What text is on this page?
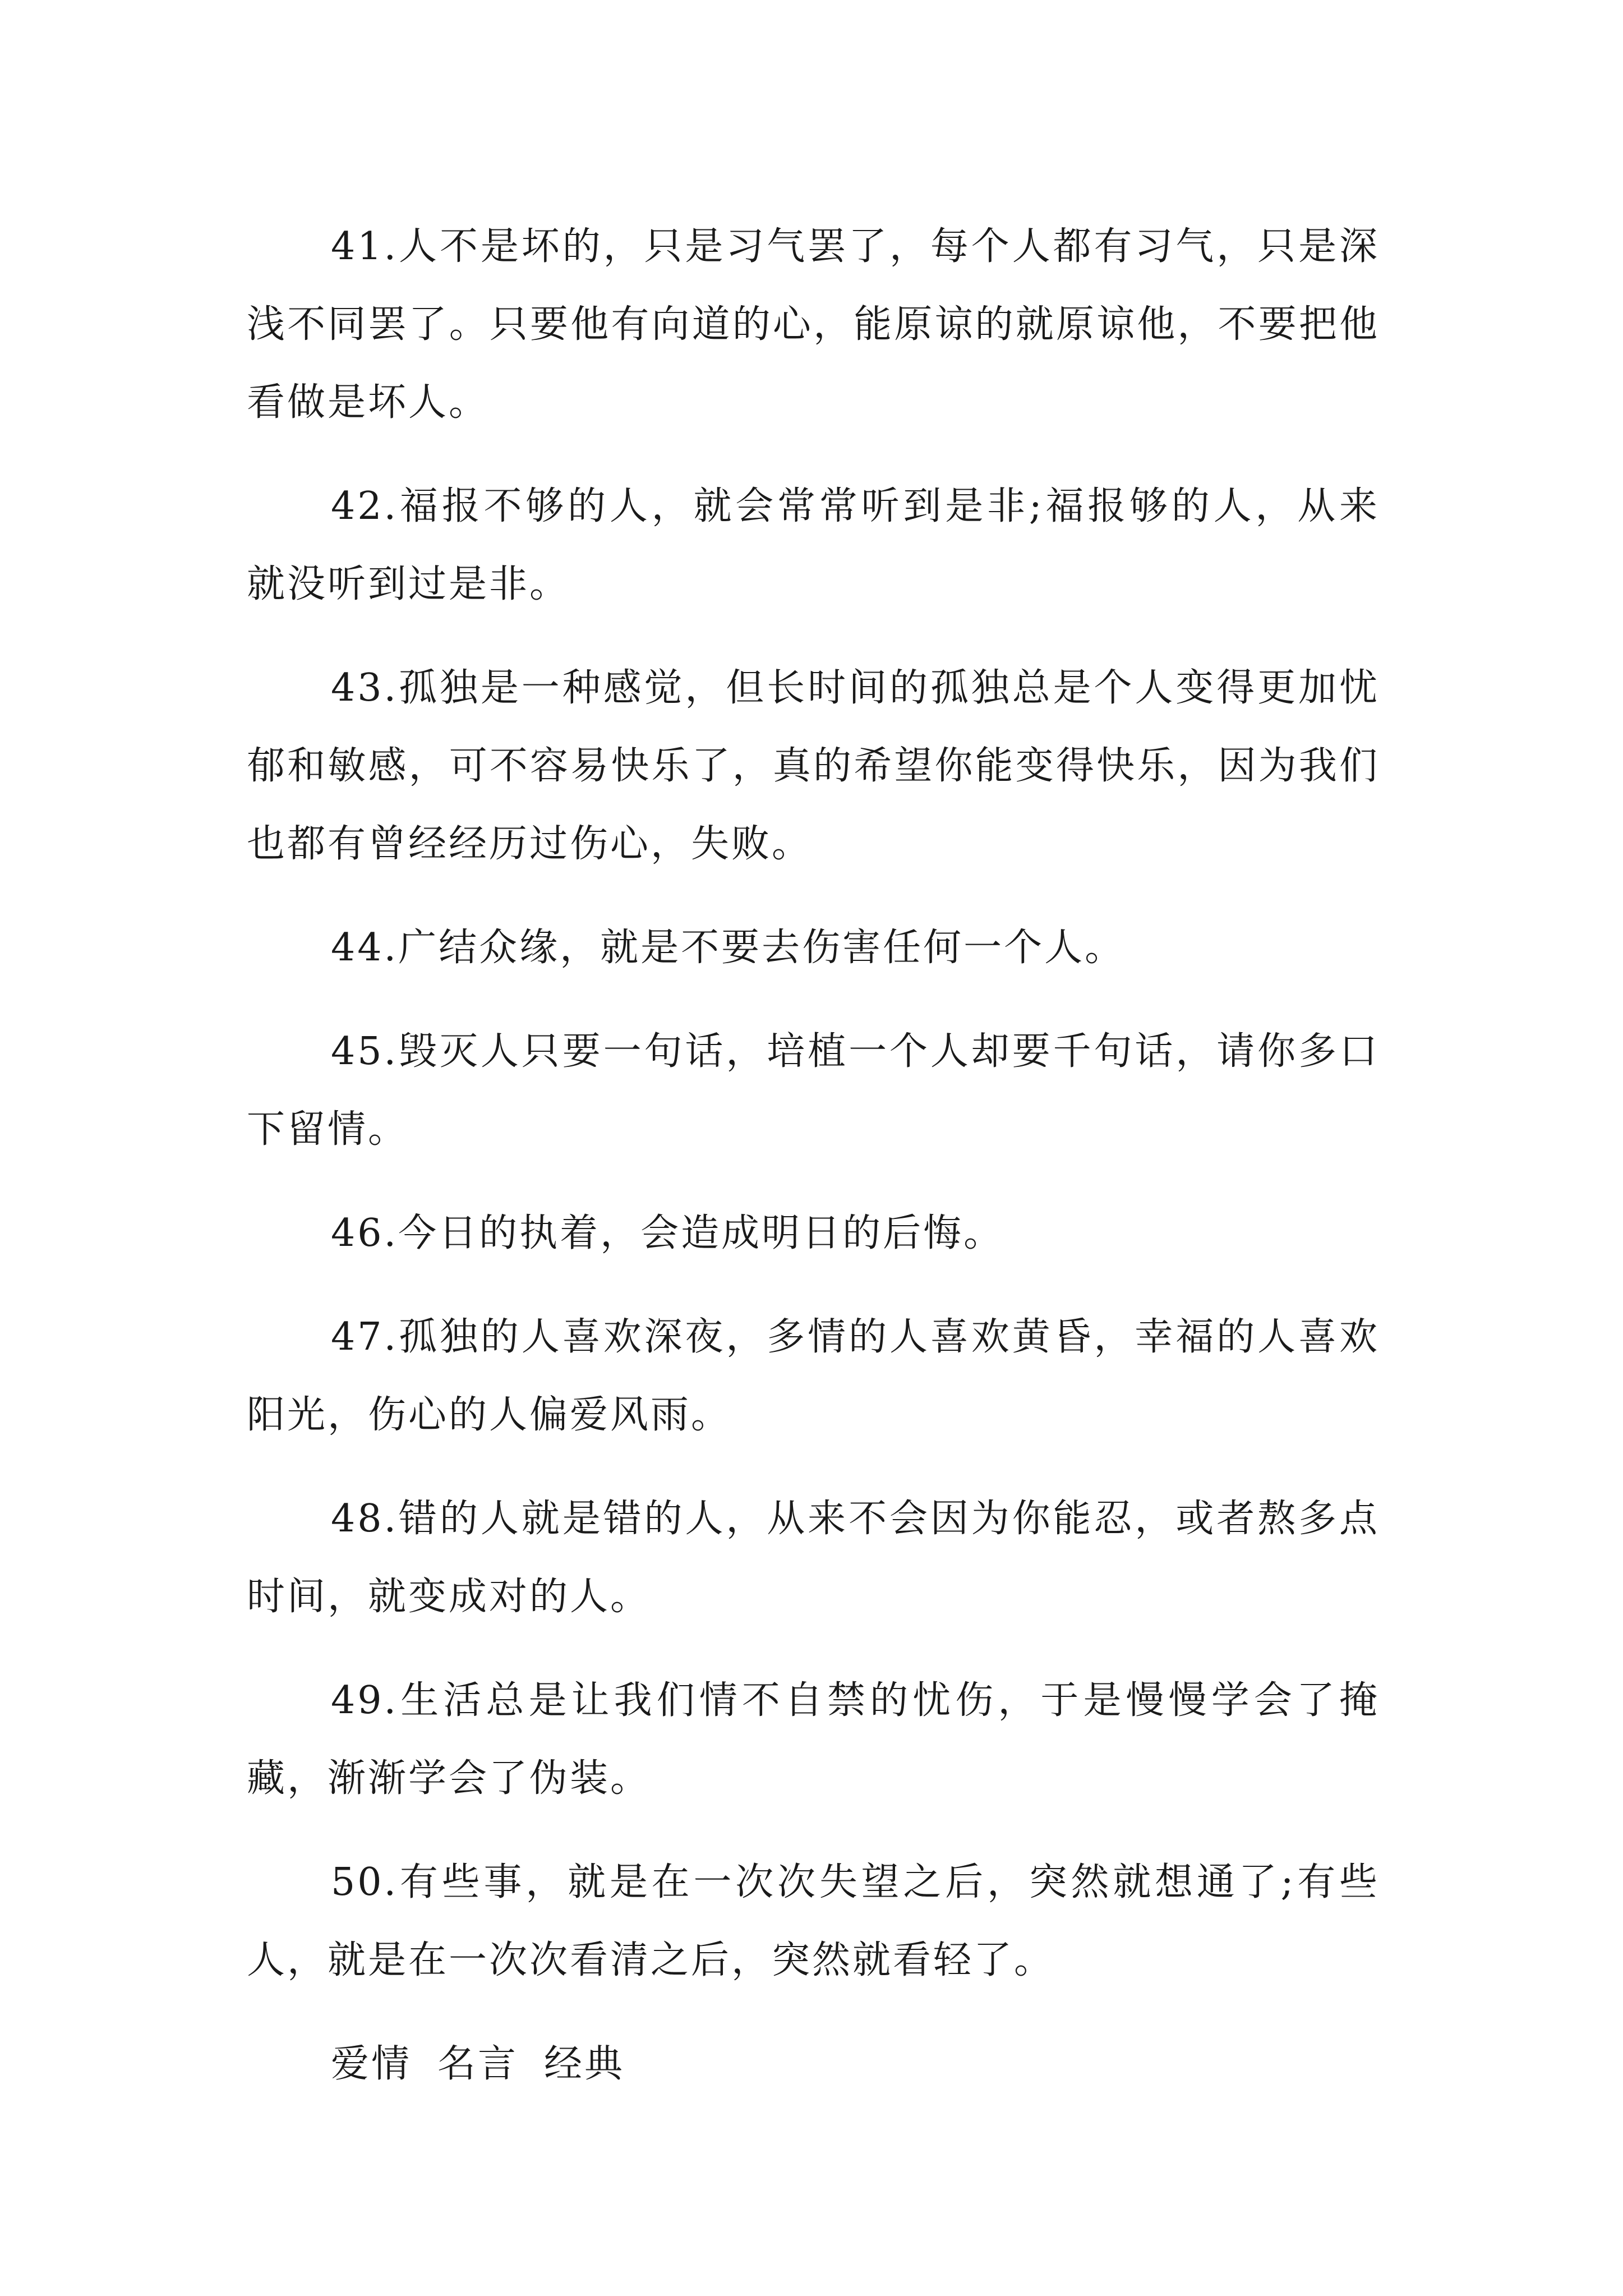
41.人不是坏的，只是习气罢了，每个人都有习气，只是深浅不同罢了。只要他有向道的心，能原谅的就原谅他，不要把他看做是坏人。

42.福报不够的人，就会常常听到是非;福报够的人，从来就没听到过是非。

43.孤独是一种感觉，但长时间的孤独总是个人变得更加忧郁和敏感，可不容易快乐了，真的希望你能变得快乐，因为我们也都有曾经经历过伤心，失败。

44.广结众缘，就是不要去伤害任何一个人。

45.毁灭人只要一句话，培植一个人却要千句话，请你多口下留情。

46.今日的执着，会造成明日的后悔。

47.孤独的人喜欢深夜，多情的人喜欢黄昏，幸福的人喜欢阳光，伤心的人偏爱风雨。

48.错的人就是错的人，从来不会因为你能忍，或者熬多点时间，就变成对的人。

49.生活总是让我们情不自禁的忧伤，于是慢慢学会了掩藏，渐渐学会了伪装。

50.有些事，就是在一次次失望之后，突然就想通了;有些人，就是在一次次看清之后，突然就看轻了。

爱情 名言 经典
